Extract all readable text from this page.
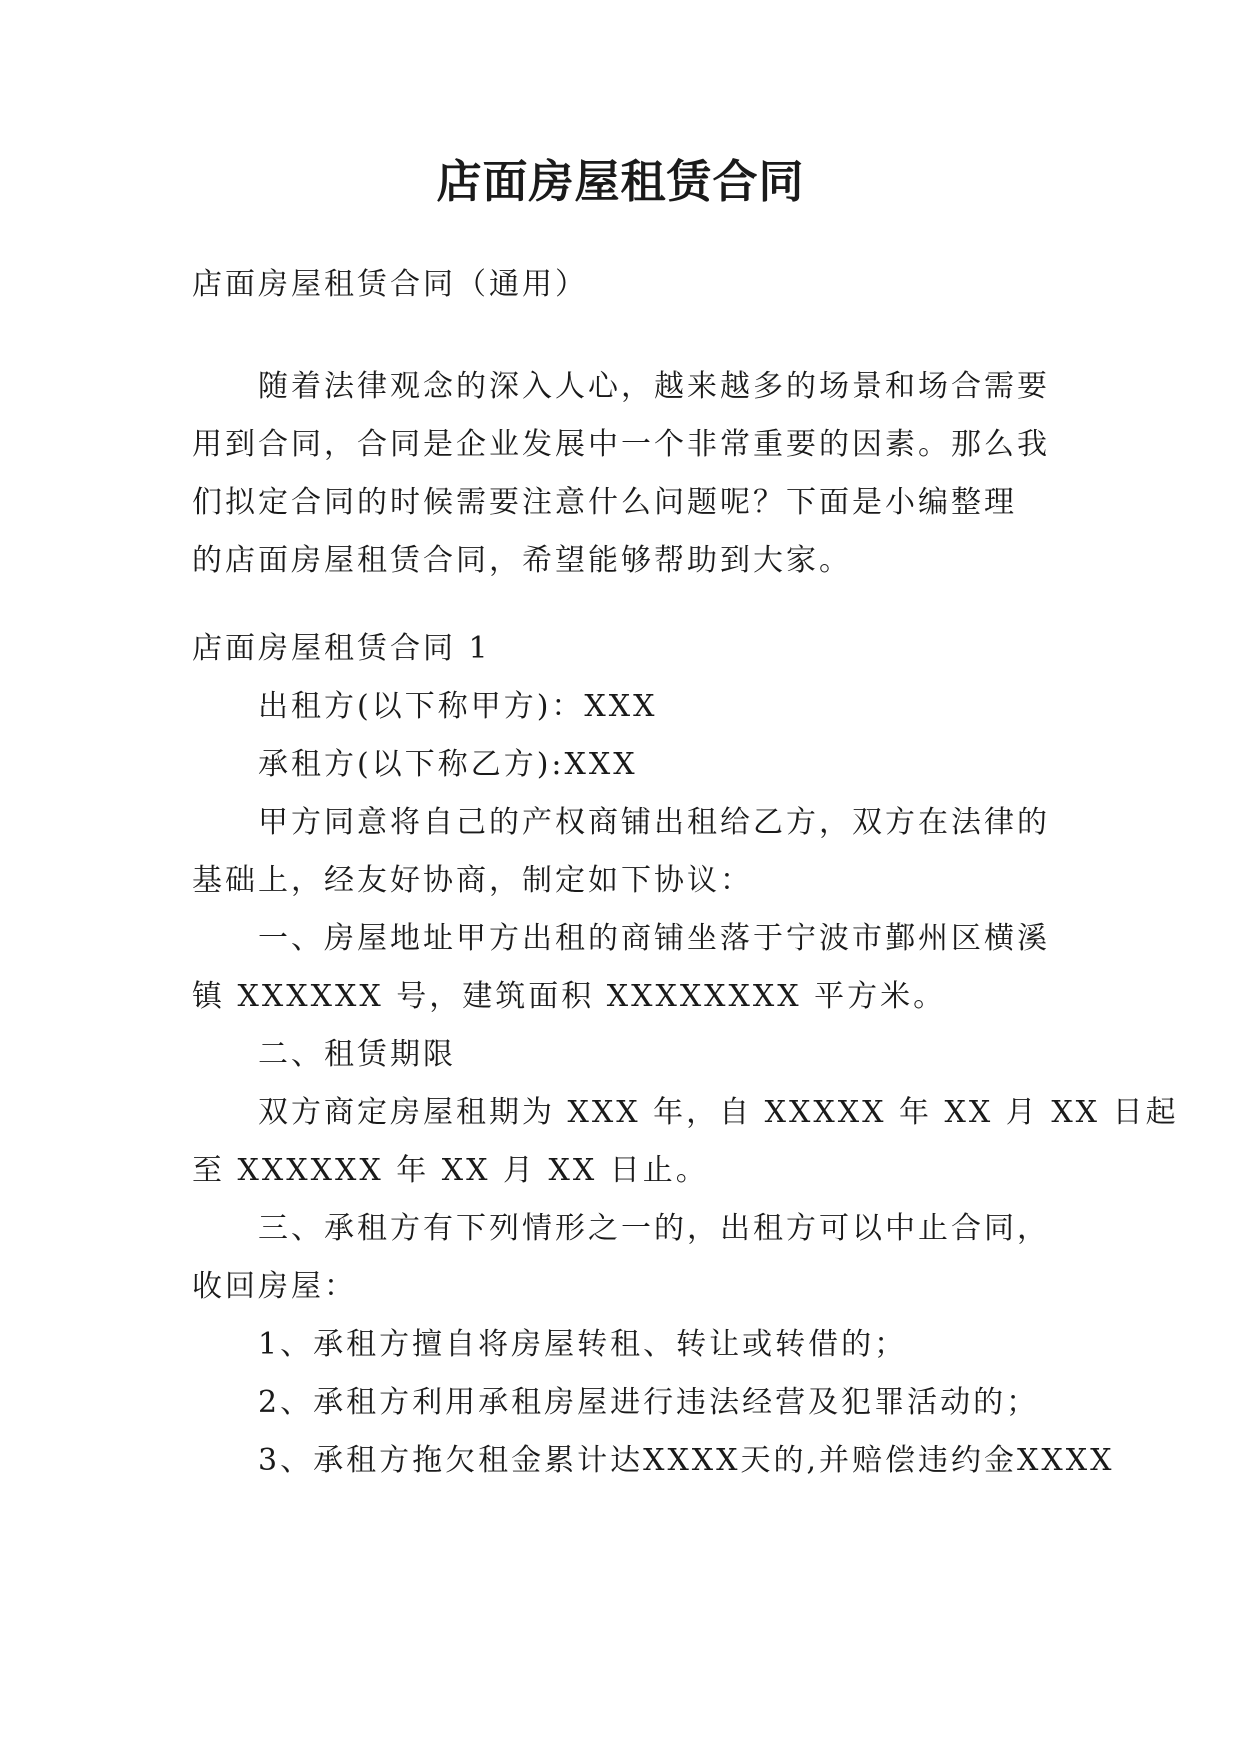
店面房屋租赁合同
店面房屋租赁合同（通用）
随着法律观念的深入人心，越来越多的场景和场合需要
用到合同，合同是企业发展中一个非常重要的因素。那么我
们拟定合同的时候需要注意什么问题呢？下面是小编整理
的店面房屋租赁合同，希望能够帮助到大家。
店面房屋租赁合同 1
出租方(以下称甲方)：XXX
承租方(以下称乙方):XXX
甲方同意将自己的产权商铺出租给乙方，双方在法律的
基础上，经友好协商，制定如下协议：
一、房屋地址甲方出租的商铺坐落于宁波市鄞州区横溪
镇 XXXXXX 号，建筑面积 XXXXXXXX 平方米。
二、租赁期限
双方商定房屋租期为 XXX 年，自 XXXXX 年 XX 月 XX 日起
至 XXXXXX 年 XX 月 XX 日止。
三、承租方有下列情形之一的，出租方可以中止合同，
收回房屋：
1、承租方擅自将房屋转租、转让或转借的；
2、承租方利用承租房屋进行违法经营及犯罪活动的；
3、承租方拖欠租金累计达XXXX天的,并赔偿违约金XXXX
